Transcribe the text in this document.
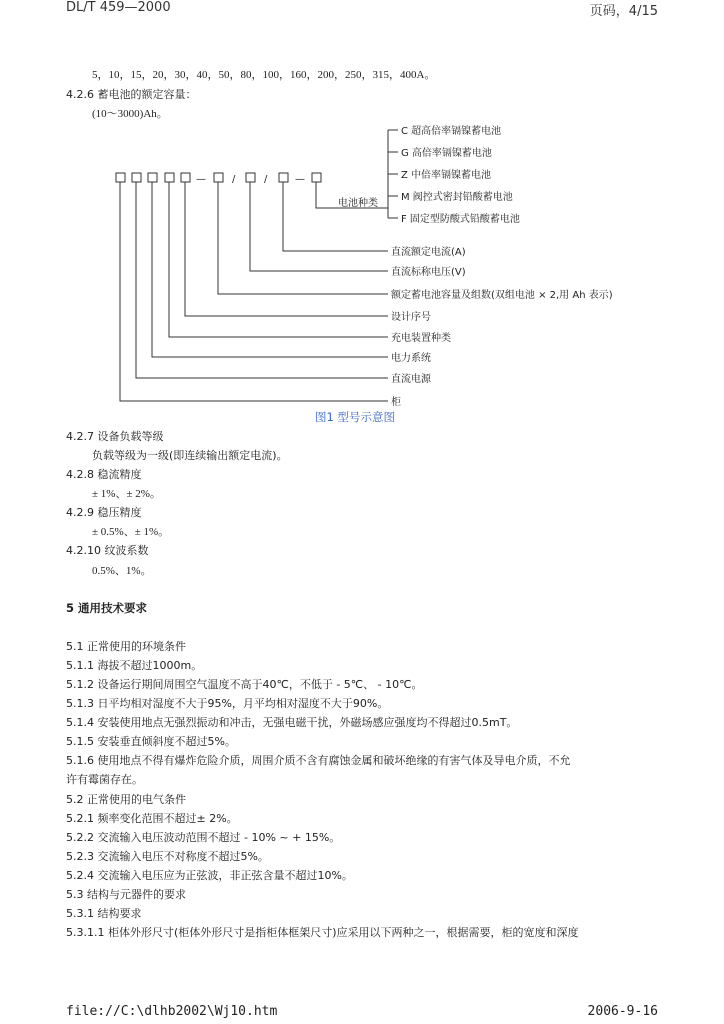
DL/T 459—2000	页码，4/15
5，10，15，20，30，40，50，80，100，160，200，250，315，400A。
4.2.6 蓄电池的额定容量：
(10～3000)Ah。
—	/	/	—
电池种类
C 超高倍率镉镍蓄电池
G 高倍率镉镍蓄电池
Z 中倍率镉镍蓄电池
M 阀控式密封铅酸蓄电池
F 固定型防酸式铅酸蓄电池
直流额定电流(A)
直流标称电压(V)
额定蓄电池容量及组数(双组电池 × 2,用 Ah 表示)
设计序号
充电装置种类
电力系统
直流电源
柜
图1 型号示意图
4.2.7 设备负载等级
负载等级为一级(即连续输出额定电流)。
4.2.8 稳流精度
± 1%、± 2%。
4.2.9 稳压精度
± 0.5%、± 1%。
4.2.10 纹波系数
0.5%、1%。
5 通用技术要求
5.1 正常使用的环境条件
5.1.1 海拔不超过1000m。
5.1.2 设备运行期间周围空气温度不高于40℃，不低于 - 5℃、 - 10℃。
5.1.3 日平均相对湿度不大于95%，月平均相对湿度不大于90%。
5.1.4 安装使用地点无强烈振动和冲击，无强电磁干扰，外磁场感应强度均不得超过0.5mT。
5.1.5 安装垂直倾斜度不超过5%。
5.1.6 使用地点不得有爆炸危险介质，周围介质不含有腐蚀金属和破坏绝缘的有害气体及导电介质，不允
许有霉菌存在。
5.2 正常使用的电气条件
5.2.1 频率变化范围不超过± 2%。
5.2.2 交流输入电压波动范围不超过 - 10% ~ + 15%。
5.2.3 交流输入电压不对称度不超过5%。
5.2.4 交流输入电压应为正弦波，非正弦含量不超过10%。
5.3 结构与元器件的要求
5.3.1 结构要求
5.3.1.1 柜体外形尺寸(柜体外形尺寸是指柜体框架尺寸)应采用以下两种之一，根据需要，柜的宽度和深度
file://C:\dlhb2002\Wj10.htm	2006-9-16
